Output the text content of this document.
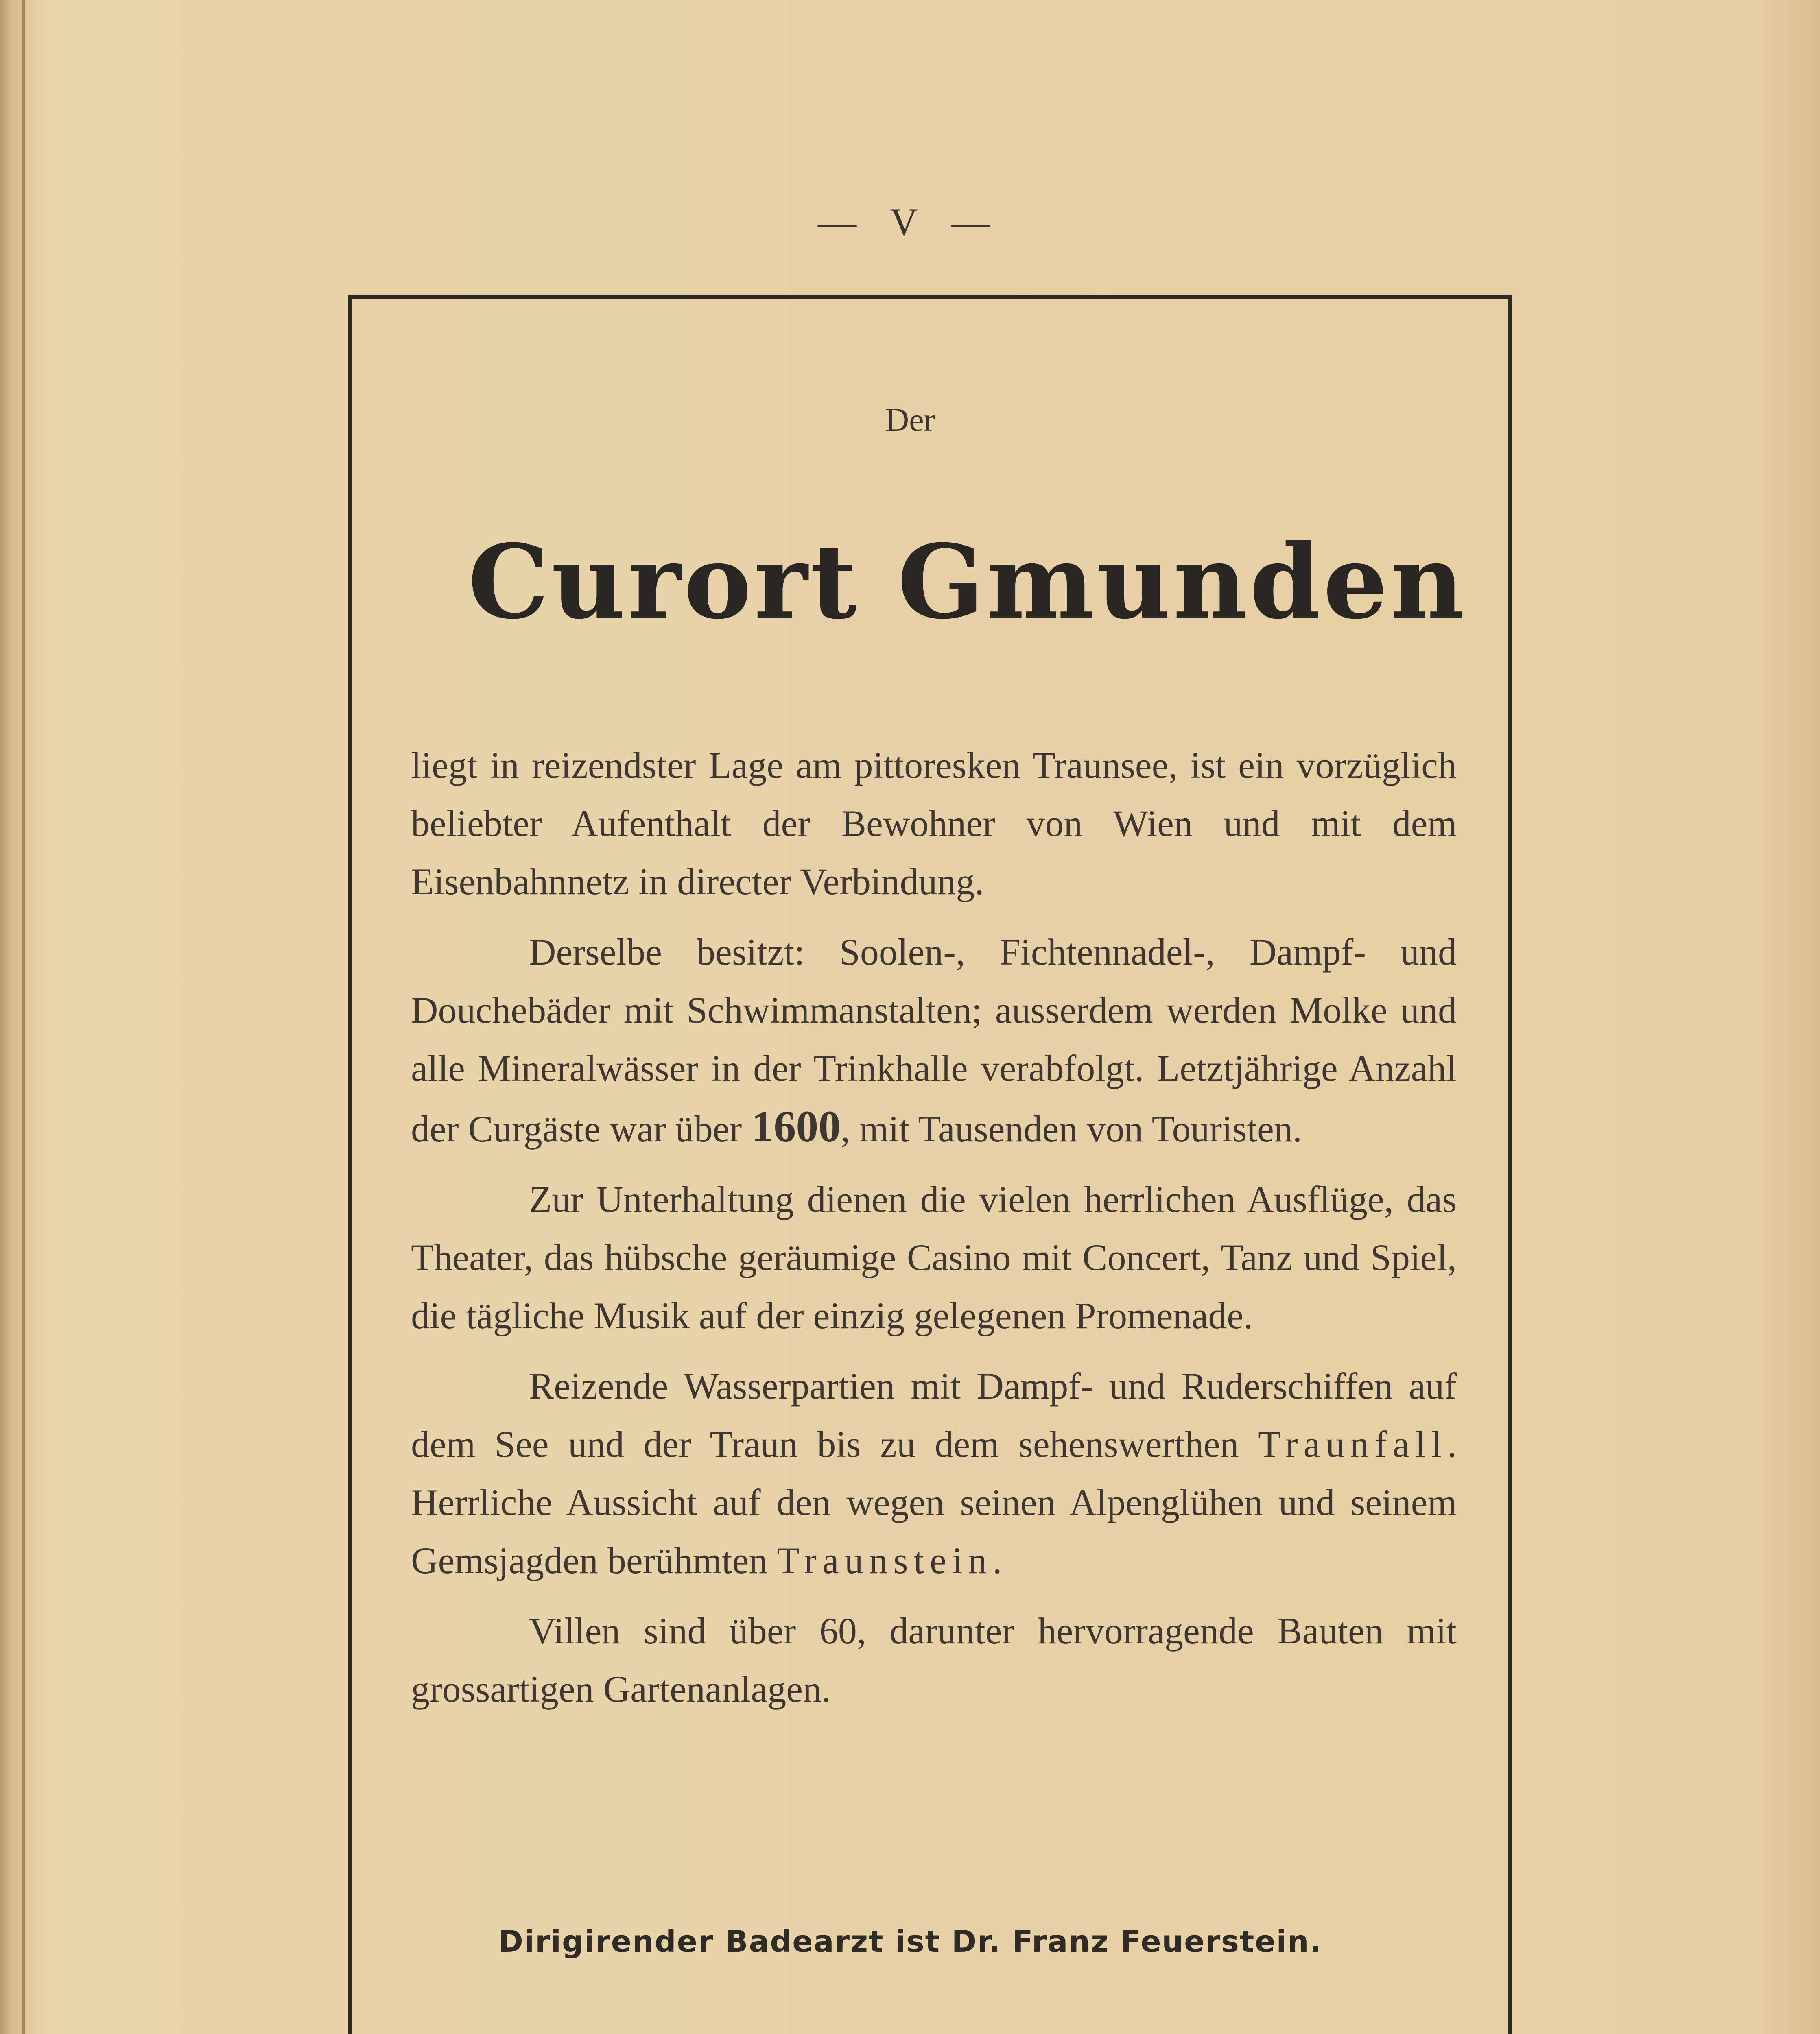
— V —
Der
Curort Gmunden

liegt in reizendster Lage am pittoresken Traunsee, ist ein vorzüglich beliebter Aufenthalt der Bewohner von Wien und mit dem Eisenbahnnetz in directer Verbindung.

Derselbe besitzt: Soolen-, Fichtennadel-, Dampf- und Douchebäder mit Schwimmanstalten; ausserdem werden Molke und alle Mineralwässer in der Trinkhalle verabfolgt. Letztjährige Anzahl der Curgäste war über 1600, mit Tausenden von Touristen.

Zur Unterhaltung dienen die vielen herrlichen Ausflüge, das Theater, das hübsche geräumige Casino mit Concert, Tanz und Spiel, die tägliche Musik auf der einzig gelegenen Promenade.

Reizende Wasserpartien mit Dampf- und Ruderschiffen auf dem See und der Traun bis zu dem sehenswerthen Traunfall. Herrliche Aussicht auf den wegen seinen Alpenglühen und seinem Gemsjagden berühmten Traunstein.

Villen sind über 60, darunter hervorragende Bauten mit grossartigen Gartenanlagen.

Dirigirender Badearzt ist Dr. Franz Feuerstein.
